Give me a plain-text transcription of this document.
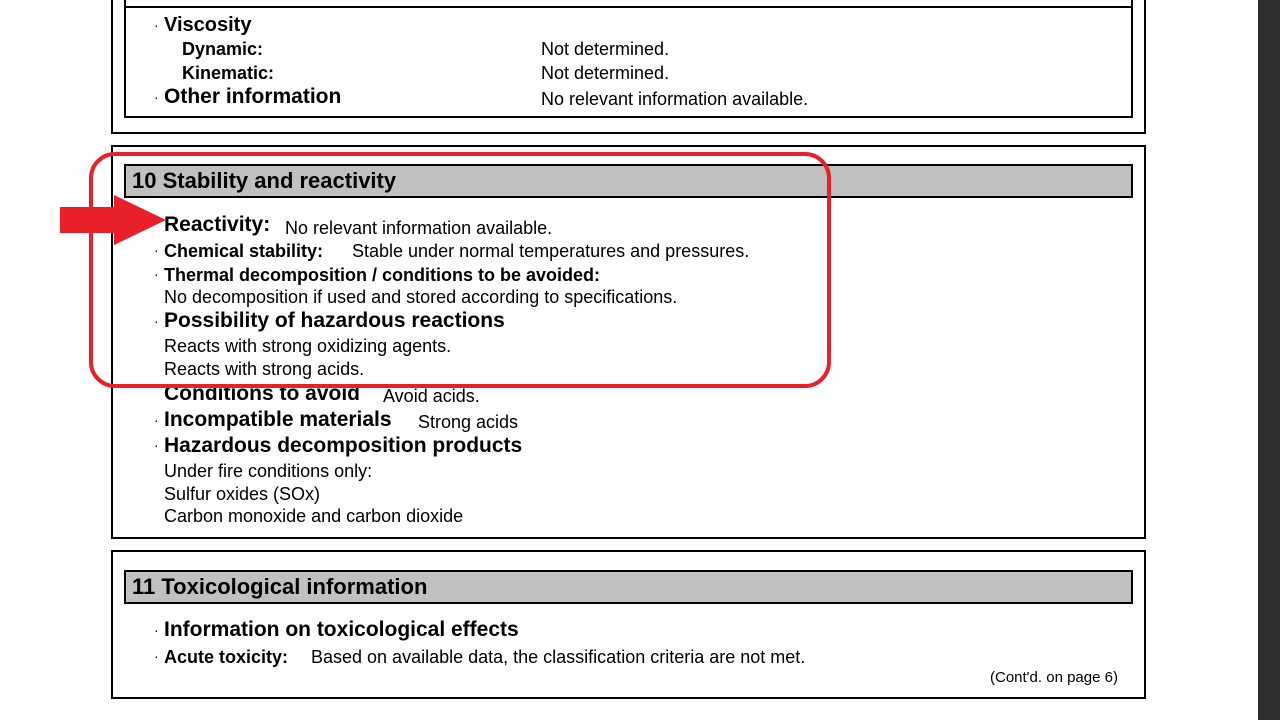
· Viscosity
Dynamic:	Not determined.
Kinematic:	Not determined.
· Other information	No relevant information available.
10 Stability and reactivity
Reactivity: No relevant information available.
· Chemical stability: Stable under normal temperatures and pressures.
· Thermal decomposition / conditions to be avoided:
No decomposition if used and stored according to specifications.
· Possibility of hazardous reactions
Reacts with strong oxidizing agents.
Reacts with strong acids.
Conditions to avoid Avoid acids.
· Incompatible materials Strong acids
· Hazardous decomposition products
Under fire conditions only:
Sulfur oxides (SOx)
Carbon monoxide and carbon dioxide
11 Toxicological information
· Information on toxicological effects
· Acute toxicity: Based on available data, the classification criteria are not met.
(Cont'd. on page 6)
